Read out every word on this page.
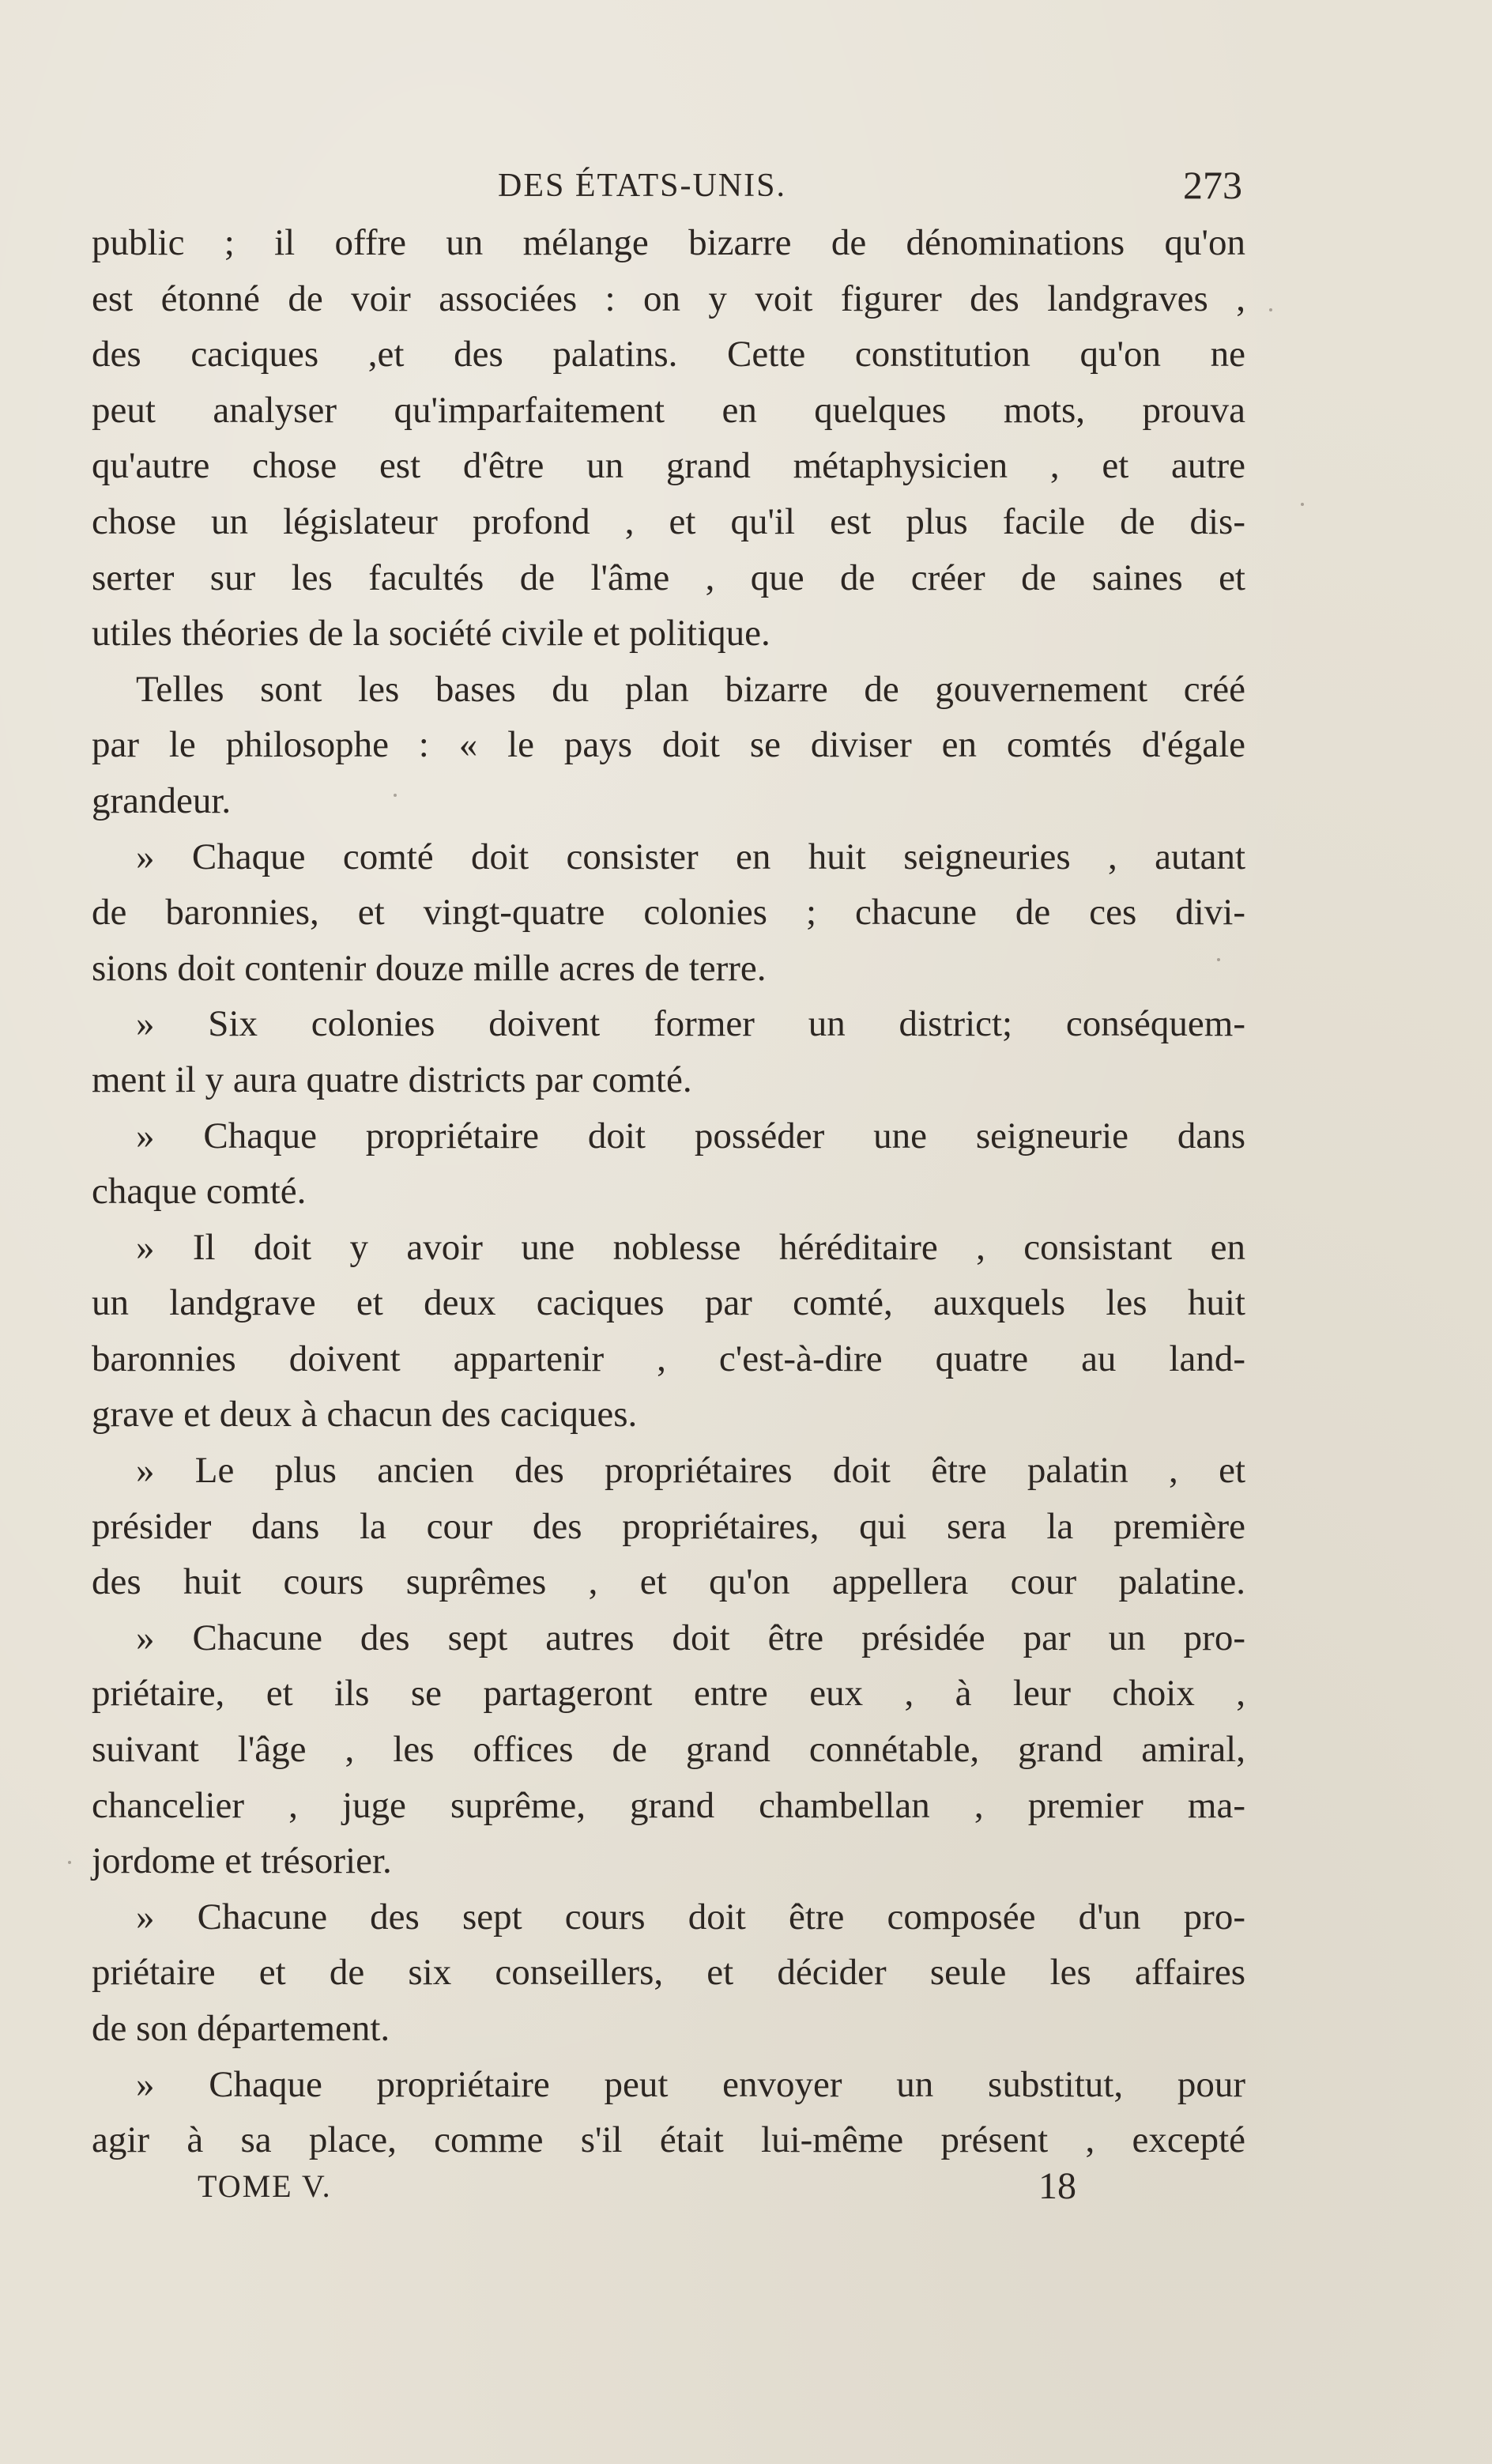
DES ÉTATS-UNIS.	273
public ; il offre un mélange bizarre de dénominations qu'on
est étonné de voir associées : on y voit figurer des landgraves ,
des caciques ,et des palatins. Cette constitution qu'on ne
peut analyser qu'imparfaitement en quelques mots, prouva
qu'autre chose est d'être un grand métaphysicien , et autre
chose un législateur profond , et qu'il est plus facile de dis-
serter sur les facultés de l'âme , que de créer de saines et
utiles théories de la société civile et politique.
Telles sont les bases du plan bizarre de gouvernement créé
par le philosophe : « le pays doit se diviser en comtés d'égale
grandeur.
» Chaque comté doit consister en huit seigneuries , autant
de baronnies, et vingt-quatre colonies ; chacune de ces divi-
sions doit contenir douze mille acres de terre.
» Six colonies doivent former un district; conséquem-
ment il y aura quatre districts par comté.
» Chaque propriétaire doit posséder une seigneurie dans
chaque comté.
» Il doit y avoir une noblesse héréditaire , consistant en
un landgrave et deux caciques par comté, auxquels les huit
baronnies doivent appartenir , c'est-à-dire quatre au land-
grave et deux à chacun des caciques.
» Le plus ancien des propriétaires doit être palatin , et
présider dans la cour des propriétaires, qui sera la première
des huit cours suprêmes , et qu'on appellera cour palatine.
» Chacune des sept autres doit être présidée par un pro-
priétaire, et ils se partageront entre eux , à leur choix ,
suivant l'âge , les offices de grand connétable, grand amiral,
chancelier , juge suprême, grand chambellan , premier ma-
jordome et trésorier.
» Chacune des sept cours doit être composée d'un pro-
priétaire et de six conseillers, et décider seule les affaires
de son département.
» Chaque propriétaire peut envoyer un substitut, pour
agir à sa place, comme s'il était lui-même présent , excepté
TOME V.	18
